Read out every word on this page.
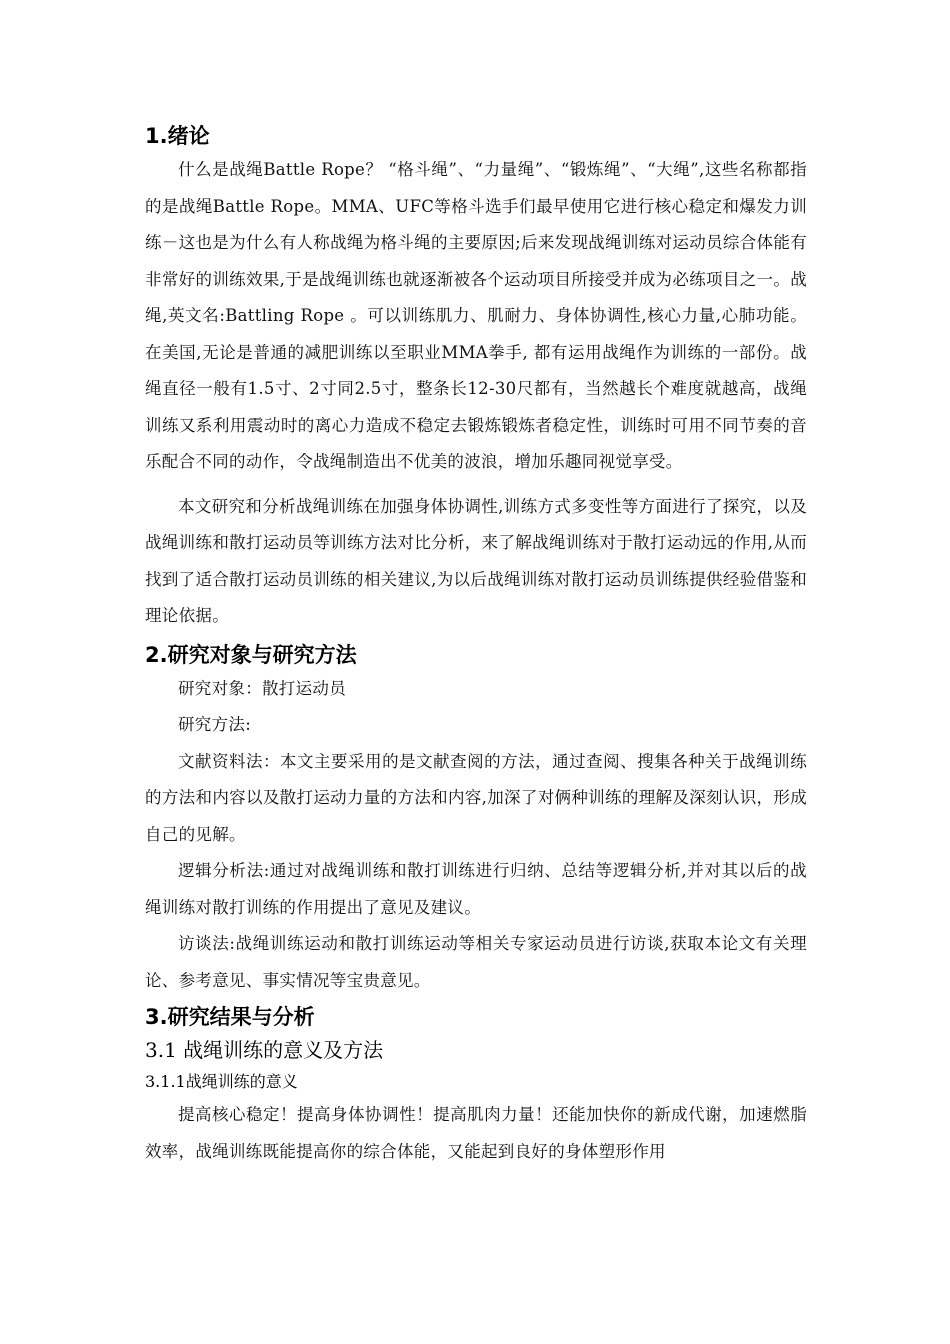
1.绪论

什么是战绳Battle Rope？ “格斗绳”、“力量绳”、“锻炼绳”、“大绳”,这些名称都指的是战绳Battle Rope。MMA、UFC等格斗选手们最早使用它进行核心稳定和爆发力训练－这也是为什么有人称战绳为格斗绳的主要原因;后来发现战绳训练对运动员综合体能有非常好的训练效果,于是战绳训练也就逐渐被各个运动项目所接受并成为必练项目之一。战绳,英文名:Battling Rope 。可以训练肌力、肌耐力、身体协调性,核心力量,心肺功能。在美国,无论是普通的减肥训练以至职业MMA拳手, 都有运用战绳作为训练的一部份。战绳直径一般有1.5寸、2寸同2.5寸，整条长12-30尺都有，当然越长个难度就越高，战绳训练又系利用震动时的离心力造成不稳定去锻炼锻炼者稳定性，训练时可用不同节奏的音乐配合不同的动作，令战绳制造出不优美的波浪，增加乐趣同视觉享受。

本文研究和分析战绳训练在加强身体协调性,训练方式多变性等方面进行了探究，以及战绳训练和散打运动员等训练方法对比分析，来了解战绳训练对于散打运动远的作用,从而找到了适合散打运动员训练的相关建议,为以后战绳训练对散打运动员训练提供经验借鉴和理论依据。

2.研究对象与研究方法

研究对象：散打运动员

研究方法:

文献资料法：本文主要采用的是文献查阅的方法，通过查阅、搜集各种关于战绳训练的方法和内容以及散打运动力量的方法和内容,加深了对俩种训练的理解及深刻认识，形成自己的见解。

逻辑分析法:通过对战绳训练和散打训练进行归纳、总结等逻辑分析,并对其以后的战绳训练对散打训练的作用提出了意见及建议。

访谈法:战绳训练运动和散打训练运动等相关专家运动员进行访谈,获取本论文有关理论、参考意见、事实情况等宝贵意见。

3.研究结果与分析
3.1 战绳训练的意义及方法
3.1.1战绳训练的意义

提高核心稳定！提高身体协调性！提高肌肉力量！还能加快你的新成代谢，加速燃脂效率，战绳训练既能提高你的综合体能，又能起到良好的身体塑形作用
